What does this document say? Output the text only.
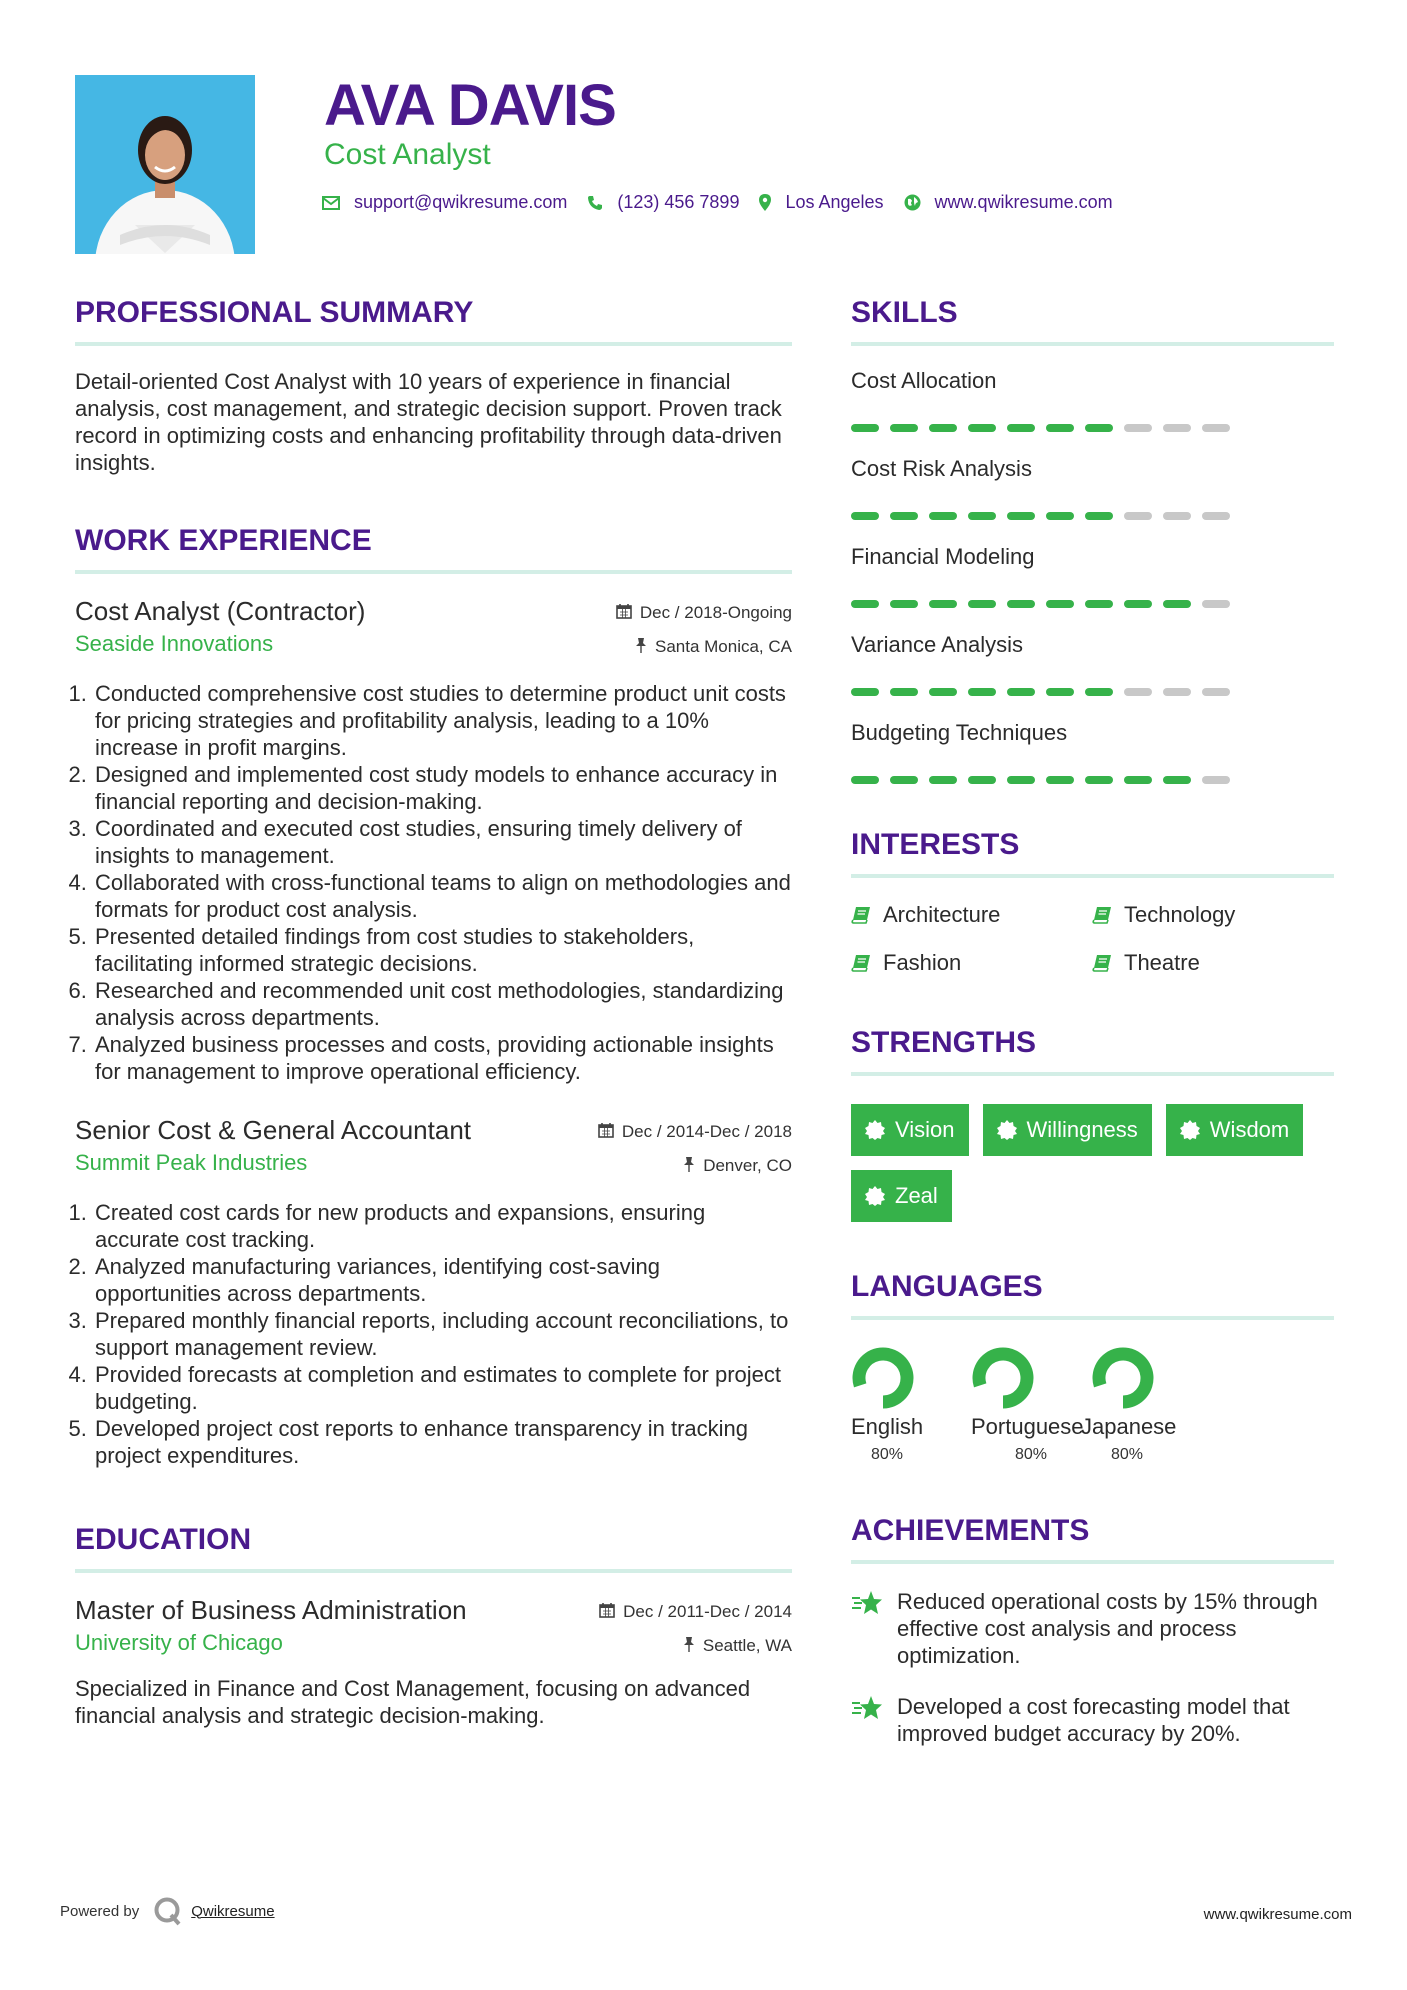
AVA DAVIS
Cost Analyst
support@qwikresume.com	(123) 456 7899	Los Angeles	www.qwikresume.com
PROFESSIONAL SUMMARY
Detail-oriented Cost Analyst with 10 years of experience in financial analysis, cost management, and strategic decision support. Proven track record in optimizing costs and enhancing profitability through data-driven insights.
WORK EXPERIENCE
Cost Analyst (Contractor)
Seaside Innovations
Dec / 2018-Ongoing
Santa Monica, CA
1. Conducted comprehensive cost studies to determine product unit costs for pricing strategies and profitability analysis, leading to a 10% increase in profit margins.
2. Designed and implemented cost study models to enhance accuracy in financial reporting and decision-making.
3. Coordinated and executed cost studies, ensuring timely delivery of insights to management.
4. Collaborated with cross-functional teams to align on methodologies and formats for product cost analysis.
5. Presented detailed findings from cost studies to stakeholders, facilitating informed strategic decisions.
6. Researched and recommended unit cost methodologies, standardizing analysis across departments.
7. Analyzed business processes and costs, providing actionable insights for management to improve operational efficiency.
Senior Cost & General Accountant
Summit Peak Industries
Dec / 2014-Dec / 2018
Denver, CO
1. Created cost cards for new products and expansions, ensuring accurate cost tracking.
2. Analyzed manufacturing variances, identifying cost-saving opportunities across departments.
3. Prepared monthly financial reports, including account reconciliations, to support management review.
4. Provided forecasts at completion and estimates to complete for project budgeting.
5. Developed project cost reports to enhance transparency in tracking project expenditures.
EDUCATION
Master of Business Administration
University of Chicago
Dec / 2011-Dec / 2014
Seattle, WA
Specialized in Finance and Cost Management, focusing on advanced financial analysis and strategic decision-making.
SKILLS
Cost Allocation
Cost Risk Analysis
Financial Modeling
Variance Analysis
Budgeting Techniques
INTERESTS
Architecture	Technology
Fashion	Theatre
STRENGTHS
Vision	Willingness	Wisdom
Zeal
LANGUAGES
English
80%
Portuguese
80%
Japanese
80%
ACHIEVEMENTS
Reduced operational costs by 15% through effective cost analysis and process optimization.
Developed a cost forecasting model that improved budget accuracy by 20%.
Powered by	Qwikresume	www.qwikresume.com
